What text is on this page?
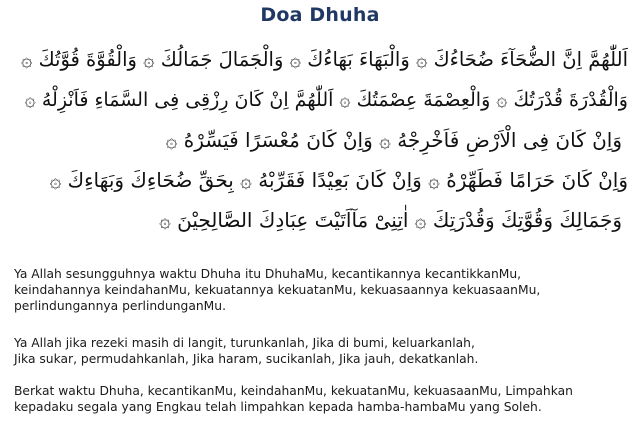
Doa Dhuha
اَللّٰهُمَّ اِنَّ الضُّحَآءَ ضُحَاءُكَ ۞ وَالْبَهَاءَ بَهَاءُكَ ۞ وَالْجَمَالَ جَمَالُكَ ۞ وَالْقُوَّةَ قُوَّتُكَ ۞
وَالْقُدْرَةَ قُدْرَتُكَ ۞ وَالْعِصْمَةَ عِصْمَتُكَ ۞ اَللّٰهُمَّ اِنْ كَانَ رِزْقِى فِى السَّمَاءِ فَاَنْزِلْهُ ۞
وَاِنْ كَانَ فِى الْاَرْضِ فَاَخْرِجْهُ ۞ وَاِنْ كَانَ مُعْسَرًا فَيَسِّرْهُ ۞
وَاِنْ كَانَ حَرَامًا فَطَهِّرْهُ ۞ وَاِنْ كَانَ بَعِيْدًا فَقَرِّبْهُ ۞ بِحَقِّ ضُحَاءِكَ وَبَهَاءِكَ ۞
وَجَمَالِكَ وَقُوَّتِكَ وَقُدْرَتِكَ ۞ اٰتِنِىْ مَآاَتَيْتَ عِبَادِكَ الصَّالِحِيْنَ ۞
Ya Allah sesungguhnya waktu Dhuha itu DhuhaMu, kecantikannya kecantikkanMu,
keindahannya keindahanMu, kekuatannya kekuatanMu, kekuasaannya kekuasaanMu,
perlindungannya perlindunganMu.
Ya Allah jika rezeki masih di langit, turunkanlah, Jika di bumi, keluarkanlah,
Jika sukar, permudahkanlah, Jika haram, sucikanlah, Jika jauh, dekatkanlah.
Berkat waktu Dhuha, kecantikanMu, keindahanMu, kekuatanMu, kekuasaanMu, Limpahkan
kepadaku segala yang Engkau telah limpahkan kepada hamba-hambaMu yang Soleh.
